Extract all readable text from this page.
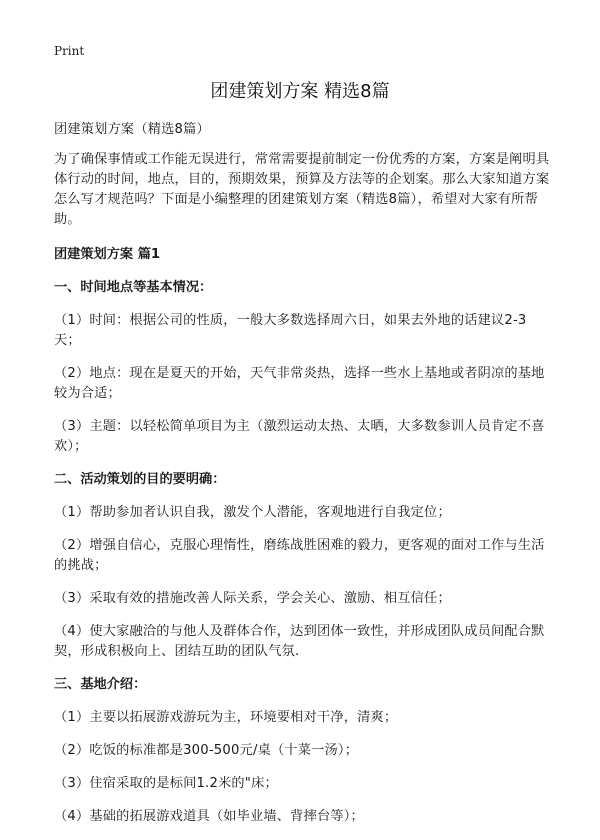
Print
团建策划方案 精选8篇

团建策划方案（精选8篇）

为了确保事情或工作能无误进行，常常需要提前制定一份优秀的方案，方案是阐明具体行动的时间，地点，目的，预期效果，预算及方法等的企划案。那么大家知道方案怎么写才规范吗？下面是小编整理的团建策划方案（精选8篇），希望对大家有所帮助。

团建策划方案 篇1

一、时间地点等基本情况：

（1）时间：根据公司的性质，一般大多数选择周六日，如果去外地的话建议2-3天；

（2）地点：现在是夏天的开始，天气非常炎热，选择一些水上基地或者阴凉的基地较为合适；

（3）主题：以轻松简单项目为主（激烈运动太热、太晒，大多数参训人员肯定不喜欢）；

二、活动策划的目的要明确：

（1）帮助参加者认识自我，激发个人潜能，客观地进行自我定位；

（2）增强自信心，克服心理惰性，磨练战胜困难的毅力，更客观的面对工作与生活的挑战；

（3）采取有效的措施改善人际关系，学会关心、激励、相互信任；

（4）使大家融洽的与他人及群体合作，达到团体一致性，并形成团队成员间配合默契，形成积极向上、团结互助的团队气氛.

三、基地介绍：

（1）主要以拓展游戏游玩为主，环境要相对干净，清爽；

（2）吃饭的标准都是300-500元/桌（十菜一汤）；

（3）住宿采取的是标间1.2米的"床；

（4）基础的拓展游戏道具（如毕业墙、背摔台等）；
